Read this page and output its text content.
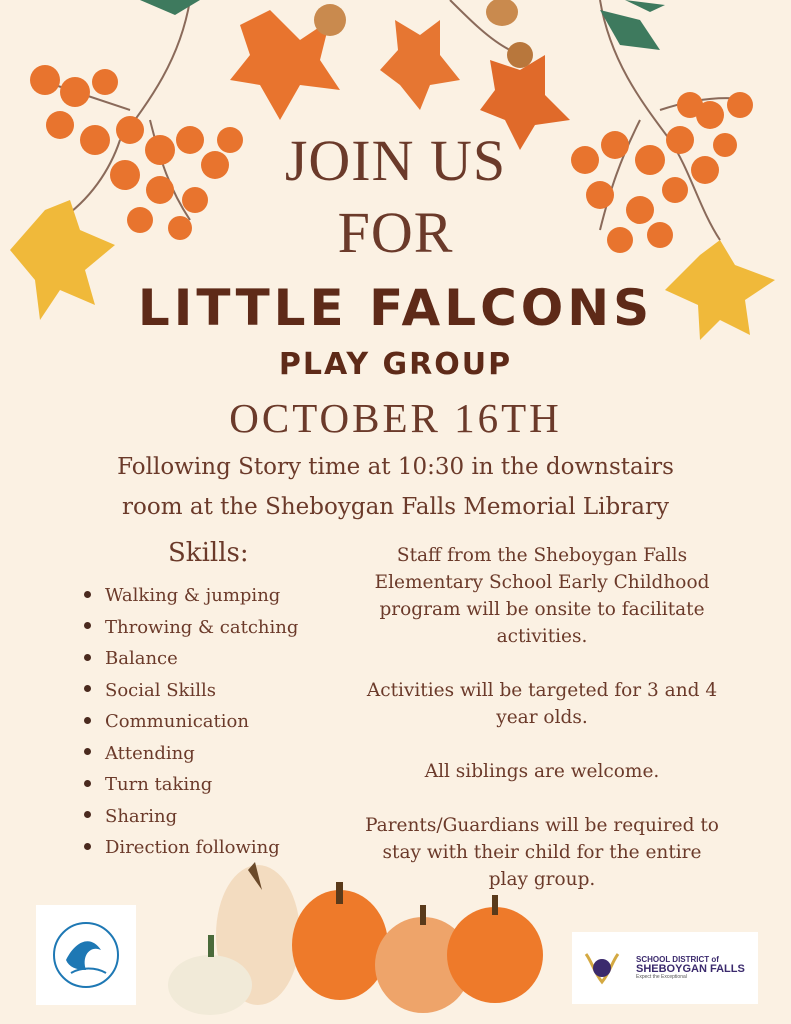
JOIN US
FOR
LITTLE FALCONS
PLAY GROUP
OCTOBER 16TH
Following Story time at 10:30 in the downstairs
room at the Sheboygan Falls Memorial Library
Skills:
Walking & jumping
Throwing & catching
Balance
Social Skills
Communication
Attending
Turn taking
Sharing
Direction following

Staff from the Sheboygan Falls Elementary School Early Childhood program will be onsite to facilitate activities.

Activities will be targeted for 3 and 4 year olds.

All siblings are welcome.

Parents/Guardians will be required to stay with their child for the entire play group.

SCHOOL DISTRICT of
SHEBOYGAN FALLS
Expect the Exceptional
